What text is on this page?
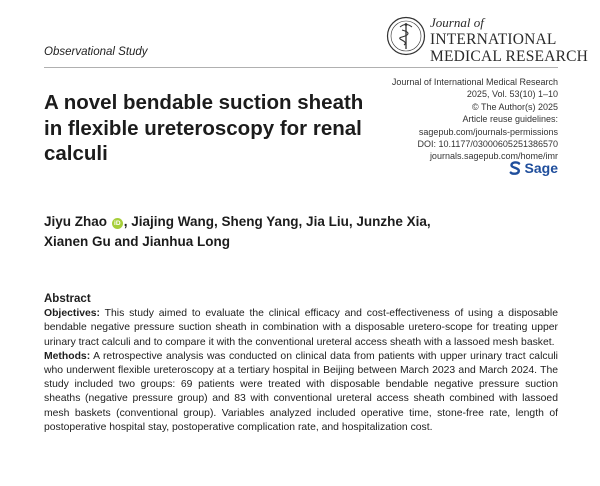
Journal of
INTERNATIONAL
MEDICAL RESEARCH
Observational Study
Journal of International Medical Research
2025, Vol. 53(10) 1–10
© The Author(s) 2025
Article reuse guidelines:
sagepub.com/journals-permissions
DOI: 10.1177/03000605251386570
journals.sagepub.com/home/imr
Sage
A novel bendable suction sheath in flexible ureteroscopy for renal calculi
Jiyu Zhao iD , Jiajing Wang, Sheng Yang, Jia Liu, Junzhe Xia, Xianen Gu and Jianhua Long
Abstract

Objectives: This study aimed to evaluate the clinical efficacy and cost-effectiveness of using a disposable bendable negative pressure suction sheath in combination with a disposable uretero-scope for treating upper urinary tract calculi and to compare it with the conventional ureteral access sheath with a lassoed mesh basket.

Methods: A retrospective analysis was conducted on clinical data from patients with upper urinary tract calculi who underwent flexible ureteroscopy at a tertiary hospital in Beijing between March 2023 and March 2024. The study included two groups: 69 patients were treated with disposable bendable negative pressure suction sheaths (negative pressure group) and 83 with conventional ureteral access sheath combined with lassoed mesh baskets (conventional group). Variables analyzed included operative time, stone-free rate, length of postoperative hospital stay, postoperative complication rate, and hospitalization cost.
